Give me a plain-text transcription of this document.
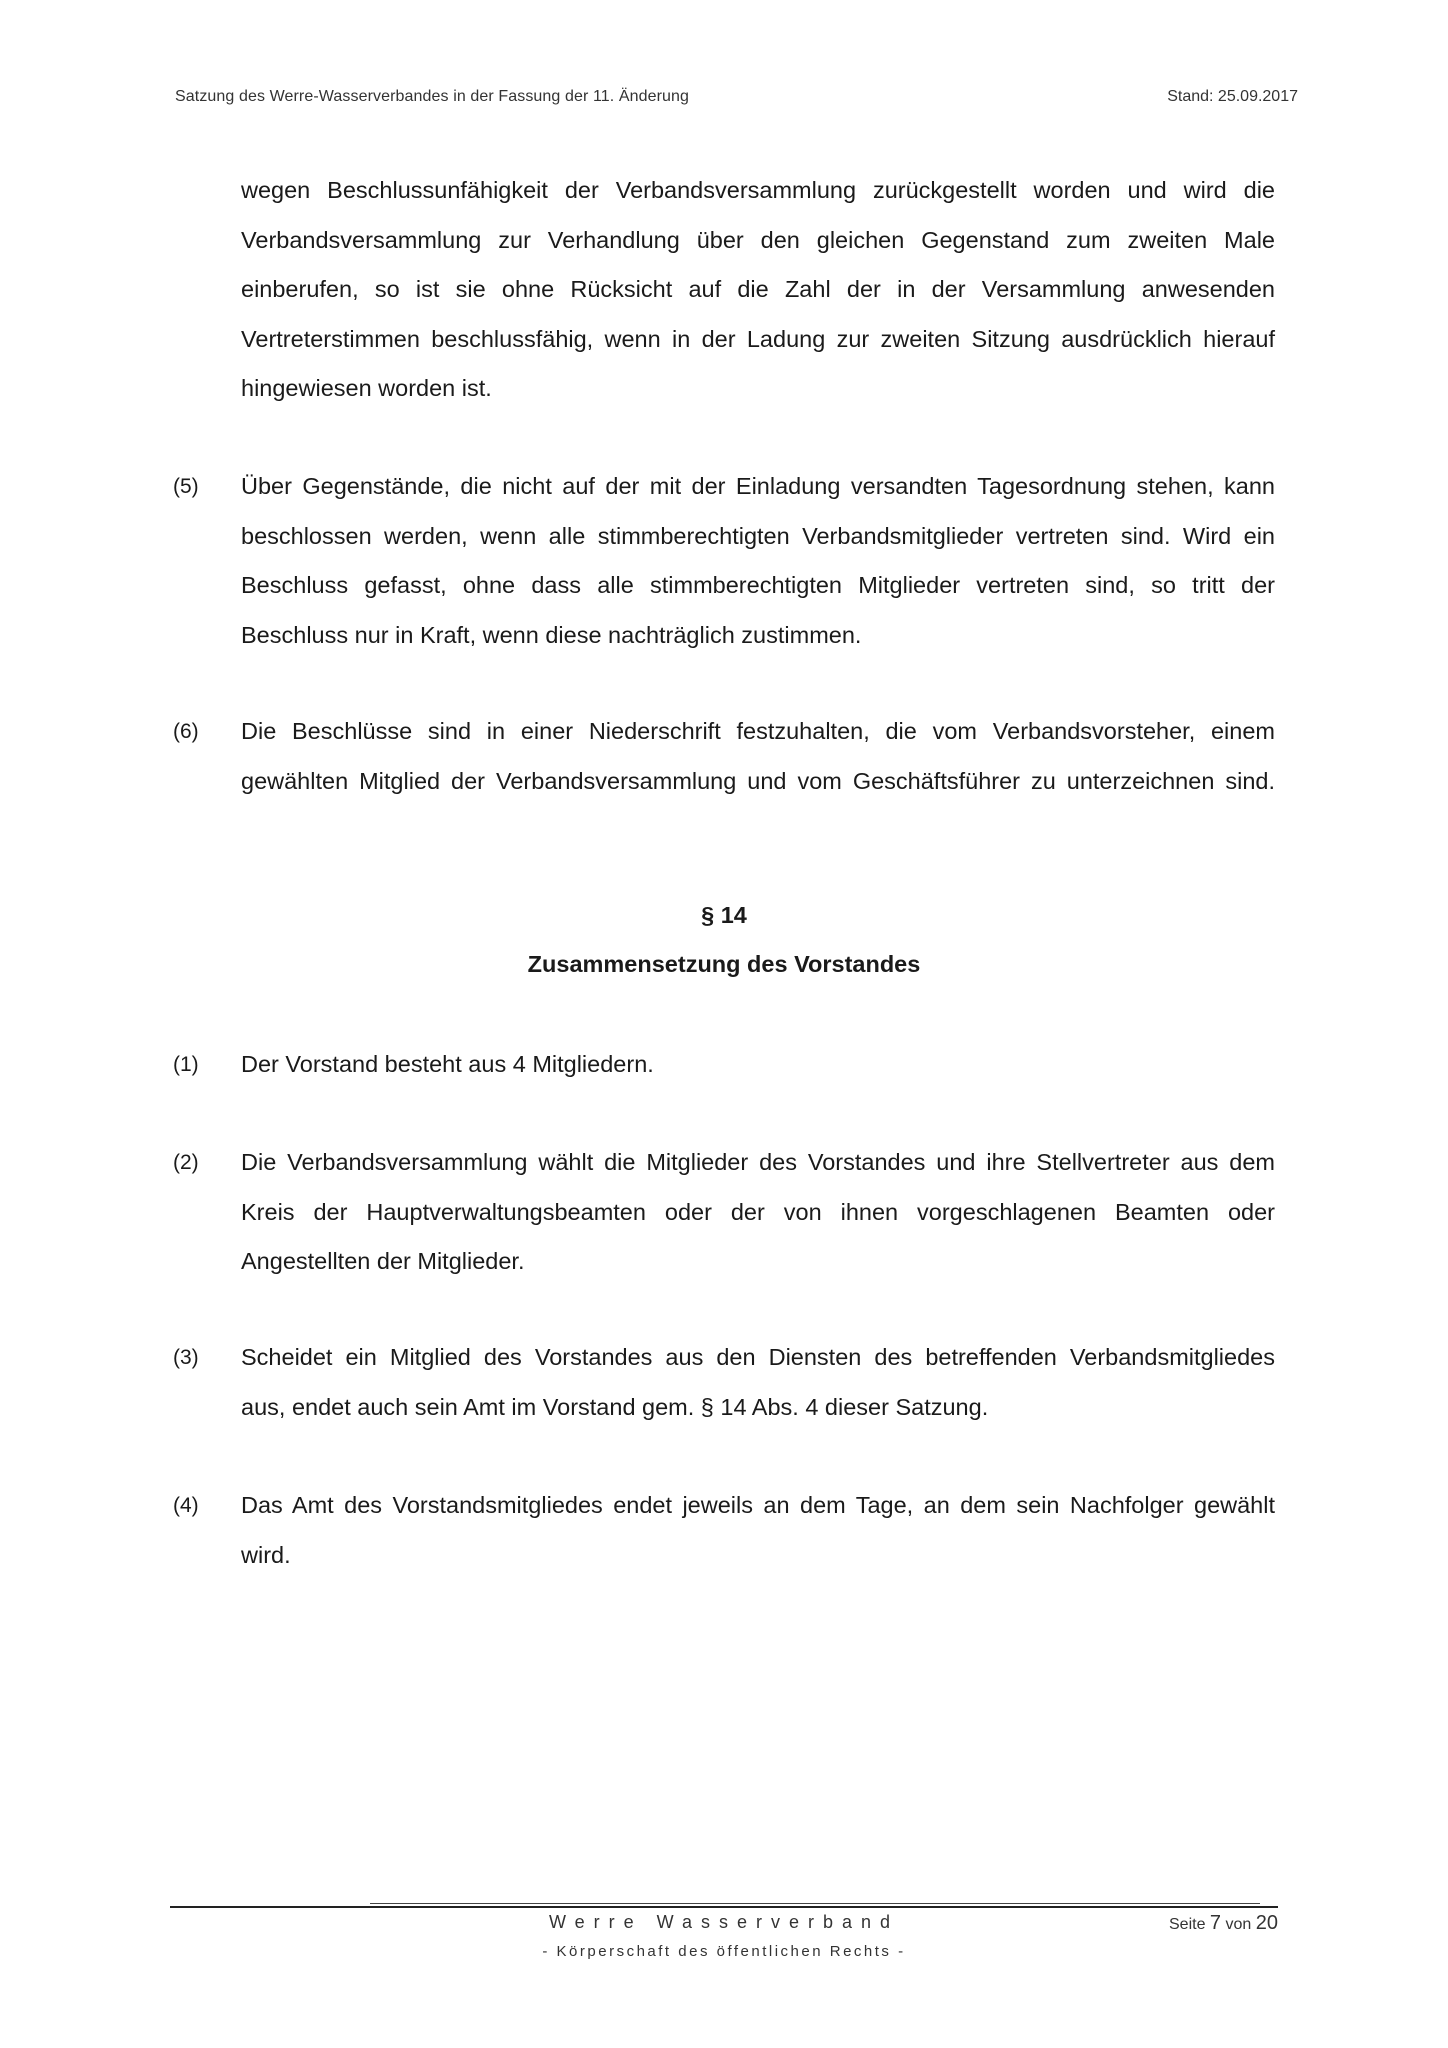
Satzung des Werre-Wasserverbandes in der Fassung der 11. Änderung	Stand: 25.09.2017
wegen Beschlussunfähigkeit der Verbandsversammlung zurückgestellt worden und wird die
Verbandsversammlung zur Verhandlung über den gleichen Gegenstand zum zweiten Male
einberufen, so ist sie ohne Rücksicht auf die Zahl der in der Versammlung anwesenden
Vertreterstimmen beschlussfähig, wenn in der Ladung zur zweiten Sitzung ausdrücklich hierauf
hingewiesen worden ist.
(5) Über Gegenstände, die nicht auf der mit der Einladung versandten Tagesordnung stehen, kann
beschlossen werden, wenn alle stimmberechtigten Verbandsmitglieder vertreten sind. Wird ein
Beschluss gefasst, ohne dass alle stimmberechtigten Mitglieder vertreten sind, so tritt der
Beschluss nur in Kraft, wenn diese nachträglich zustimmen.
(6) Die Beschlüsse sind in einer Niederschrift festzuhalten, die vom Verbandsvorsteher, einem
gewählten Mitglied der Verbandsversammlung und vom Geschäftsführer zu unterzeichnen sind.
§ 14
Zusammensetzung des Vorstandes
(1) Der Vorstand besteht aus 4 Mitgliedern.
(2) Die Verbandsversammlung wählt die Mitglieder des Vorstandes und ihre Stellvertreter aus dem
Kreis der Hauptverwaltungsbeamten oder der von ihnen vorgeschlagenen Beamten oder
Angestellten der Mitglieder.
(3) Scheidet ein Mitglied des Vorstandes aus den Diensten des betreffenden Verbandsmitgliedes
aus, endet auch sein Amt im Vorstand gem. § 14 Abs. 4 dieser Satzung.
(4) Das Amt des Vorstandsmitgliedes endet jeweils an dem Tage, an dem sein Nachfolger gewählt
wird.
Werre Wasserverband
- Körperschaft des öffentlichen Rechts -
Seite 7 von 20
